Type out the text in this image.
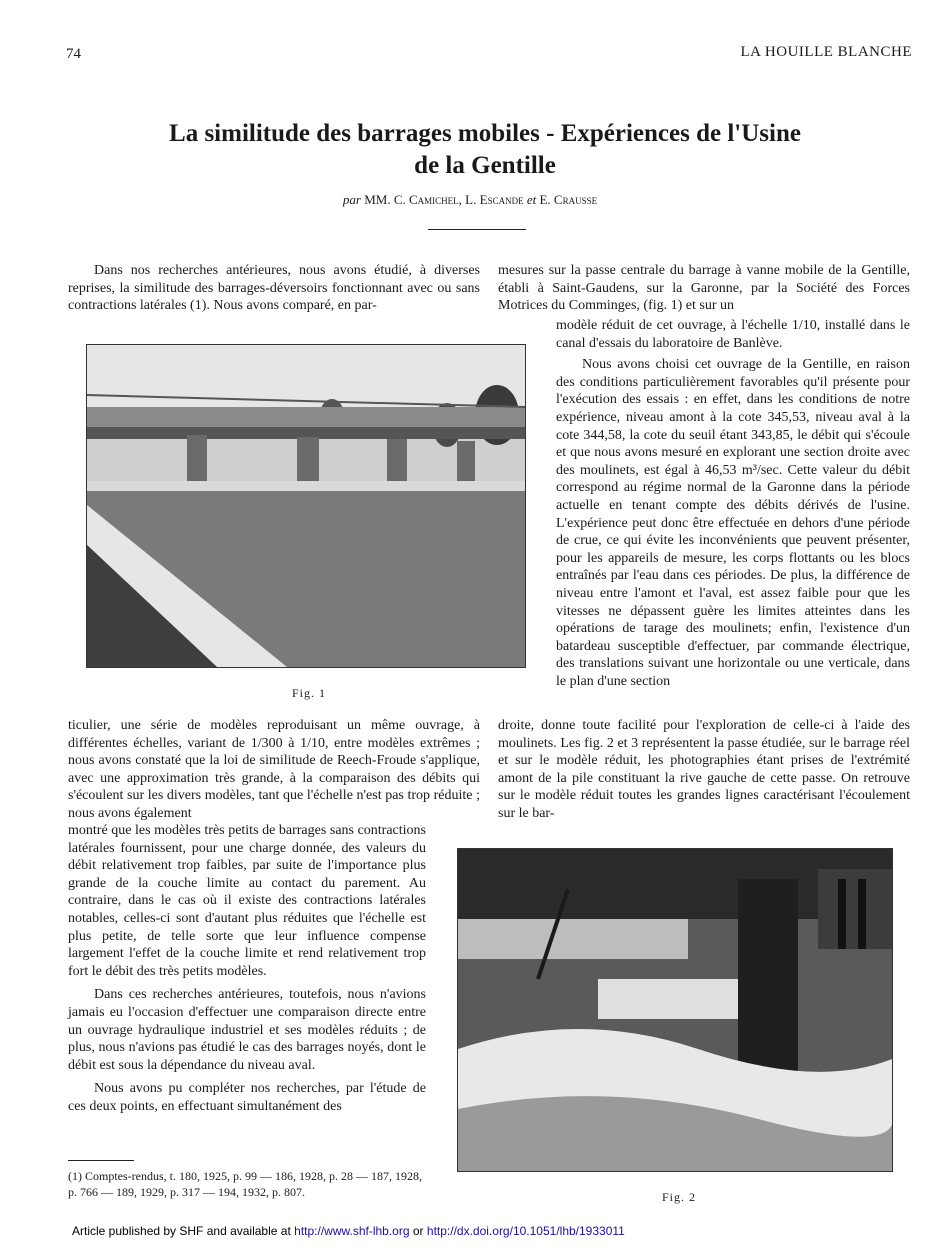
74	LA HOUILLE BLANCHE
La similitude des barrages mobiles - Expériences de l'Usine
de la Gentille
par MM. C. Camichel, L. Escande et E. Crausse

Dans nos recherches antérieures, nous avons étudié, à diverses reprises, la similitude des barrages-déversoirs fonctionnant avec ou sans contractions latérales (1). Nous avons comparé, en par-

mesures sur la passe centrale du barrage à vanne mobile de la Gentille, établi à Saint-Gaudens, sur la Garonne, par la Société des Forces Motrices du Comminges, (fig. 1) et sur un

modèle réduit de cet ouvrage, à l'échelle 1/10, installé dans le canal d'essais du laboratoire de Banlève.

Nous avons choisi cet ouvrage de la Gentille, en raison des conditions particulièrement favorables qu'il présente pour l'exécution des essais : en effet, dans les conditions de notre expérience, niveau amont à la cote 345,53, niveau aval à la cote 344,58, la cote du seuil étant 343,85, le débit qui s'écoule et que nous avons mesuré en explorant une section droite avec des moulinets, est égal à 46,53 m³/sec. Cette valeur du débit correspond au régime normal de la Garonne dans la période actuelle en tenant compte des débits dérivés de l'usine. L'expérience peut donc être effectuée en dehors d'une période de crue, ce qui évite les inconvénients que peuvent présenter, pour les appareils de mesure, les corps flottants ou les blocs entraînés par l'eau dans ces périodes. De plus, la différence de niveau entre l'amont et l'aval, est assez faible pour que les vitesses ne dépassent guère les limites atteintes dans les opérations de tarage des moulinets; enfin, l'existence d'un batardeau susceptible d'effectuer, par commande électrique, des translations suivant une horizontale ou une verticale, dans le plan d'une section

Fig. 1

ticulier, une série de modèles reproduisant un même ouvrage, à différentes échelles, variant de 1/300 à 1/10, entre modèles extrêmes ; nous avons constaté que la loi de similitude de Reech-Froude s'applique, avec une approximation très grande, à la comparaison des débits qui s'écoulent sur les divers modèles, tant que l'échelle n'est pas trop réduite ; nous avons également

montré que les modèles très petits de barrages sans contractions latérales fournissent, pour une charge donnée, des valeurs du débit relativement trop faibles, par suite de l'importance plus grande de la couche limite au contact du parement. Au contraire, dans le cas où il existe des contractions latérales notables, celles-ci sont d'autant plus réduites que l'échelle est plus petite, de telle sorte que leur influence compense largement l'effet de la couche limite et rend relativement trop fort le débit des très petits modèles.

Dans ces recherches antérieures, toutefois, nous n'avions jamais eu l'occasion d'effectuer une comparaison directe entre un ouvrage hydraulique industriel et ses modèles réduits ; de plus, nous n'avions pas étudié le cas des barrages noyés, dont le débit est sous la dépendance du niveau aval.

Nous avons pu compléter nos recherches, par l'étude de ces deux points, en effectuant simultanément des

droite, donne toute facilité pour l'exploration de celle-ci à l'aide des moulinets. Les fig. 2 et 3 représentent la passe étudiée, sur le barrage réel et sur le modèle réduit, les photographies étant prises de l'extrémité amont de la pile constituant la rive gauche de cette passe. On retrouve sur le modèle réduit toutes les grandes lignes caractérisant l'écoulement sur le bar-

Fig. 2

(1) Comptes-rendus, t. 180, 1925, p. 99 — 186, 1928, p. 28 — 187, 1928, p. 766 — 189, 1929, p. 317 — 194, 1932, p. 807.

Article published by SHF and available at http://www.shf-lhb.org or http://dx.doi.org/10.1051/lhb/1933011
